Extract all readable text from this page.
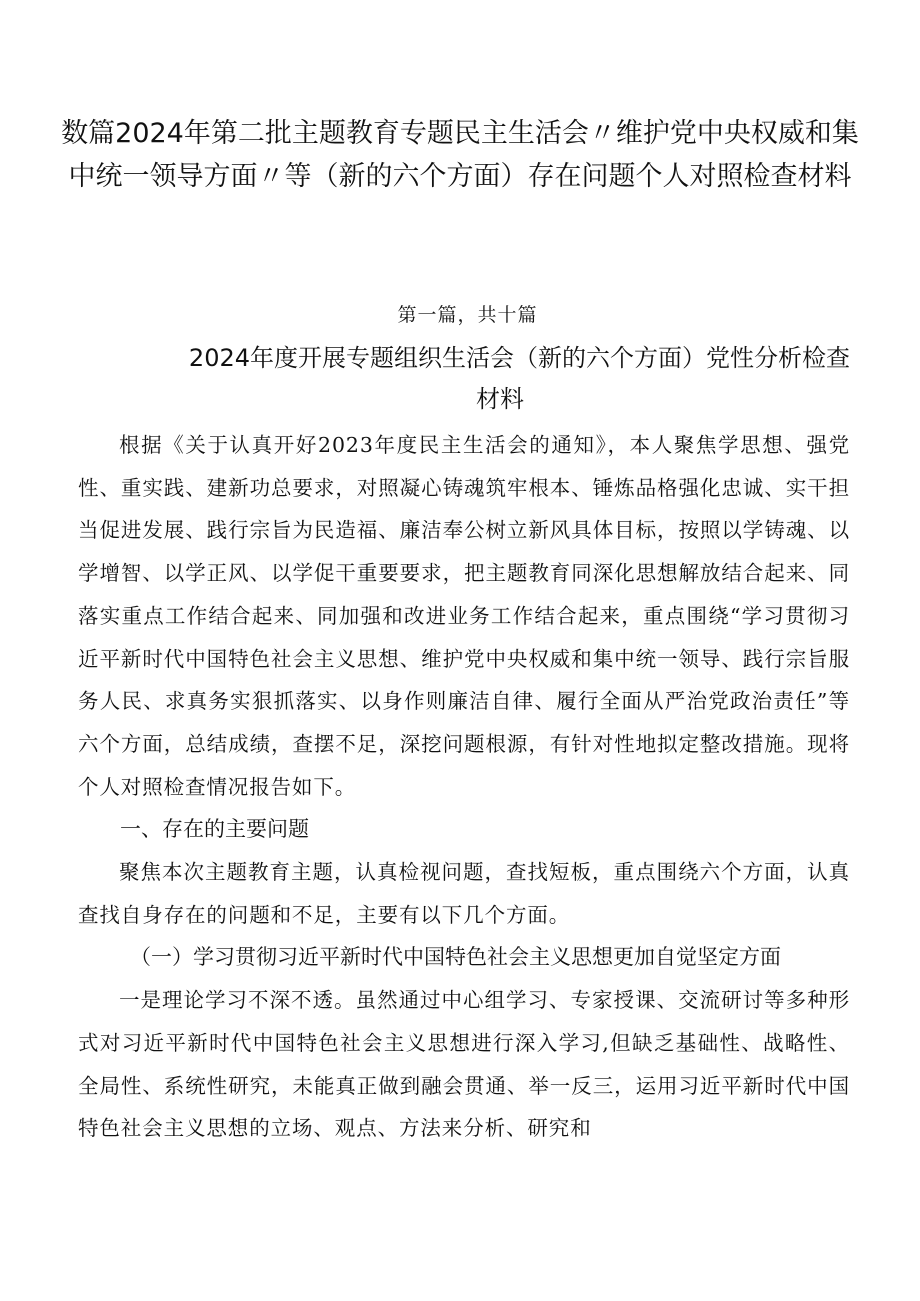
数篇2024年第二批主题教育专题民主生活会〃维护党中央权威和集中统一领导方面〃等（新的六个方面）存在问题个人对照检查材料
第一篇，共十篇
2024年度开展专题组织生活会（新的六个方面）党性分析检查
材料

根据《关于认真开好2023年度民主生活会的通知》，本人聚焦学思想、强党性、重实践、建新功总要求，对照凝心铸魂筑牢根本、锤炼品格强化忠诚、实干担当促进发展、践行宗旨为民造福、廉洁奉公树立新风具体目标，按照以学铸魂、以学增智、以学正风、以学促干重要要求，把主题教育同深化思想解放结合起来、同落实重点工作结合起来、同加强和改进业务工作结合起来，重点围绕“学习贯彻习近平新时代中国特色社会主义思想、维护党中央权威和集中统一领导、践行宗旨服务人民、求真务实狠抓落实、以身作则廉洁自律、履行全面从严治党政治责任”等六个方面，总结成绩，查摆不足，深挖问题根源，有针对性地拟定整改措施。现将个人对照检查情况报告如下。

一、存在的主要问题

聚焦本次主题教育主题，认真检视问题，查找短板，重点围绕六个方面，认真查找自身存在的问题和不足，主要有以下几个方面。

（一）学习贯彻习近平新时代中国特色社会主义思想更加自觉坚定方面

一是理论学习不深不透。虽然通过中心组学习、专家授课、交流研讨等多种形式对习近平新时代中国特色社会主义思想进行深入学习,但缺乏基础性、战略性、全局性、系统性研究，未能真正做到融会贯通、举一反三，运用习近平新时代中国特色社会主义思想的立场、观点、方法来分析、研究和
